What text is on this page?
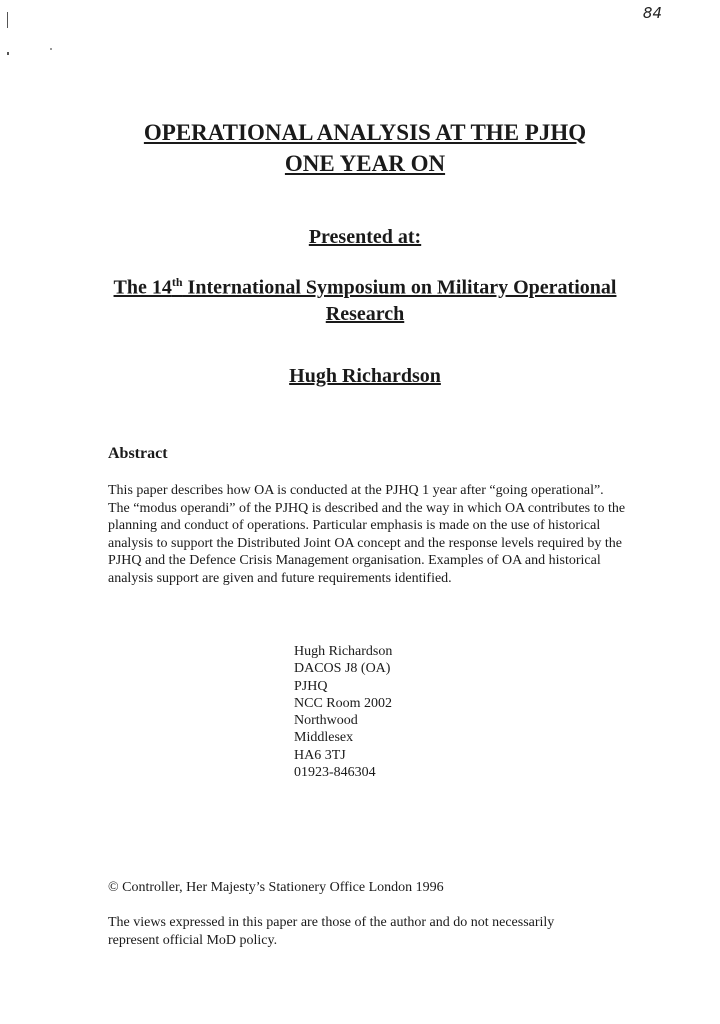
84
OPERATIONAL ANALYSIS AT THE PJHQ
ONE YEAR ON
Presented at:
The 14th International Symposium on Military Operational
Research
Hugh Richardson
Abstract

This paper describes how OA is conducted at the PJHQ 1 year after “going operational”. The “modus operandi” of the PJHQ is described and the way in which OA contributes to the planning and conduct of operations. Particular emphasis is made on the use of historical analysis to support the Distributed Joint OA concept and the response levels required by the PJHQ and the Defence Crisis Management organisation. Examples of OA and historical analysis support are given and future requirements identified.

Hugh Richardson
DACOS J8 (OA)
PJHQ
NCC Room 2002
Northwood
Middlesex
HA6 3TJ
01923-846304

© Controller, Her Majesty’s Stationery Office London 1996

The views expressed in this paper are those of the author and do not necessarily represent official MoD policy.
